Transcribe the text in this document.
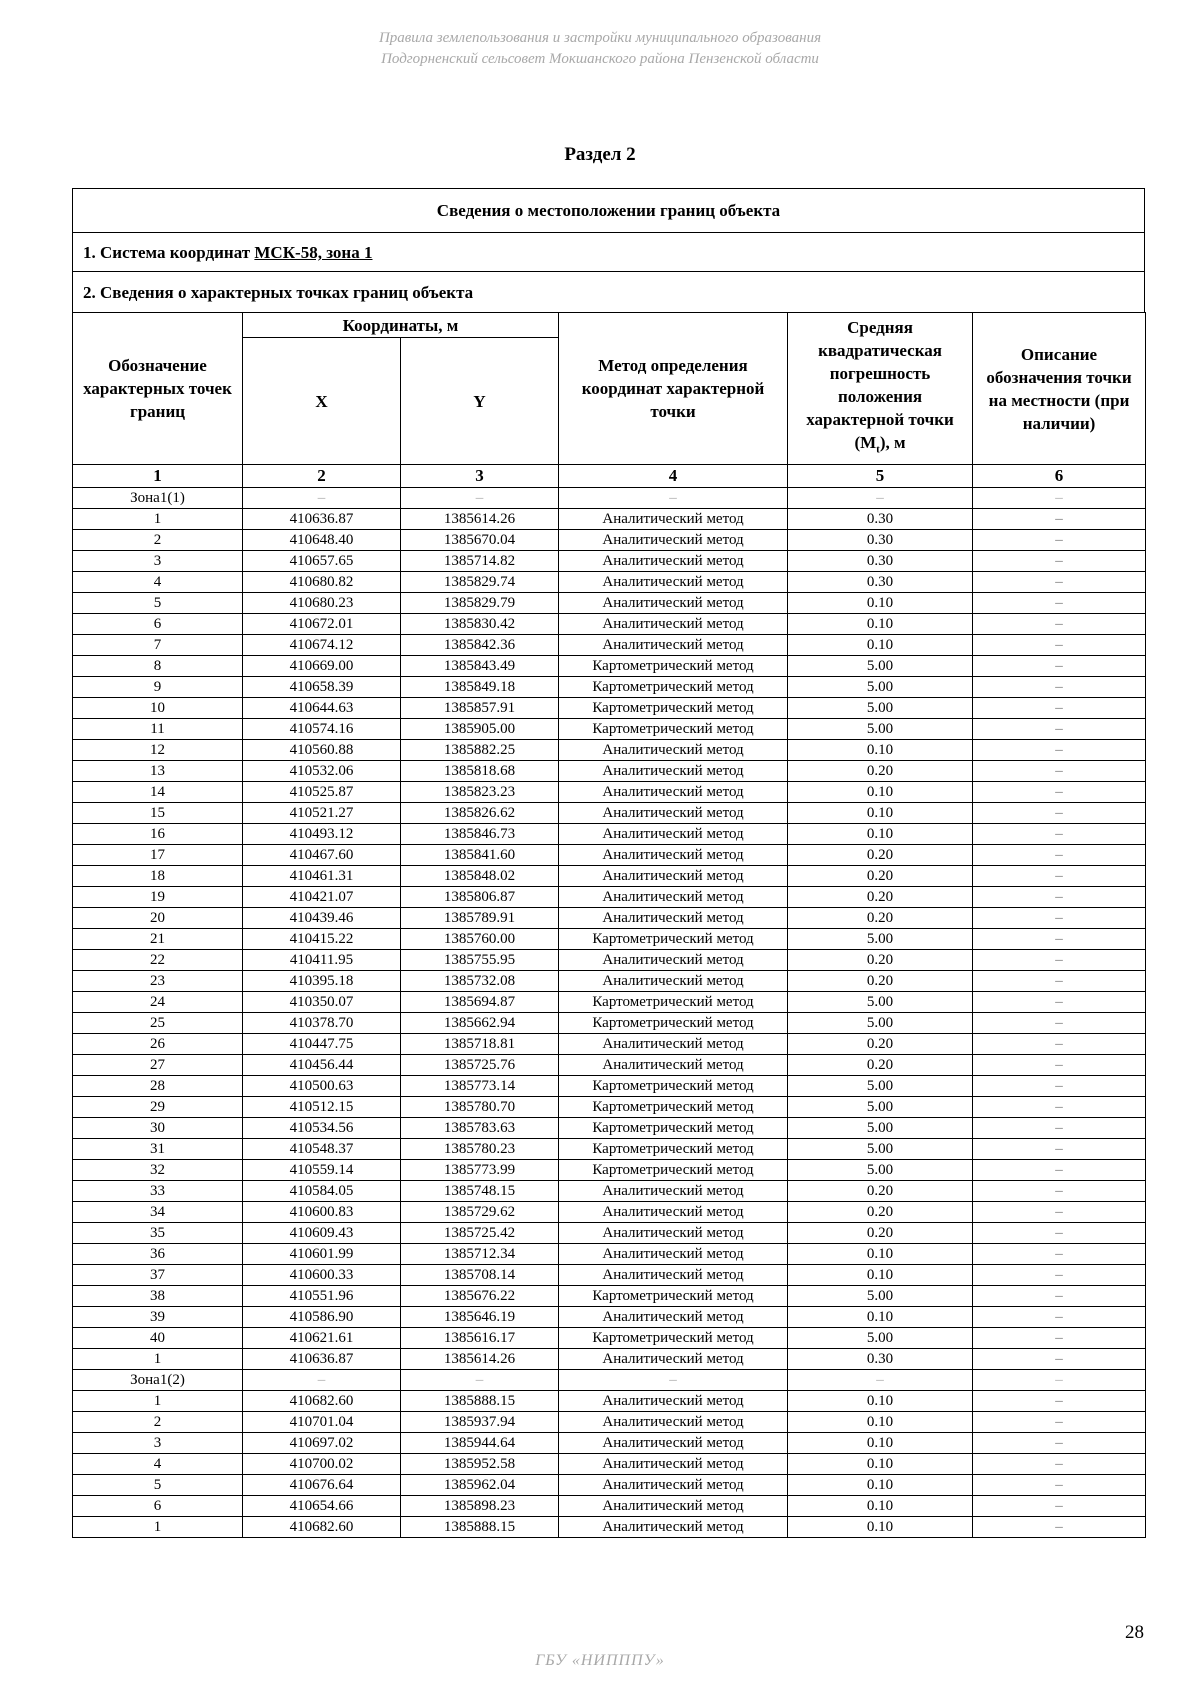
Правила землепользования и застройки муниципального образования
Подгорненский сельсовет Мокшанского района Пензенской области
Раздел 2
Сведения о местоположении границ объекта
1. Система координат МСК-58, зона 1
2. Сведения о характерных точках границ объекта
Обозначение характерных точек границ	Координаты, м		Метод определения координат характерной точки	Средняя квадратическая погрешность положения характерной точки $(M_t)$, м	Описание обозначения точки на местности (при наличии)
	X	Y			
1	2	3	4	5	6
Зона1(1)	–	–	–	–	–
1	410636.87	1385614.26	Аналитический метод	0.30	–
2	410648.40	1385670.04	Аналитический метод	0.30	–
3	410657.65	1385714.82	Аналитический метод	0.30	–
4	410680.82	1385829.74	Аналитический метод	0.30	–
5	410680.23	1385829.79	Аналитический метод	0.10	–
6	410672.01	1385830.42	Аналитический метод	0.10	–
7	410674.12	1385842.36	Аналитический метод	0.10	–
8	410669.00	1385843.49	Картометрический метод	5.00	–
9	410658.39	1385849.18	Картометрический метод	5.00	–
10	410644.63	1385857.91	Картометрический метод	5.00	–
11	410574.16	1385905.00	Картометрический метод	5.00	–
12	410560.88	1385882.25	Аналитический метод	0.10	–
13	410532.06	1385818.68	Аналитический метод	0.20	–
14	410525.87	1385823.23	Аналитический метод	0.10	–
15	410521.27	1385826.62	Аналитический метод	0.10	–
16	410493.12	1385846.73	Аналитический метод	0.10	–
17	410467.60	1385841.60	Аналитический метод	0.20	–
18	410461.31	1385848.02	Аналитический метод	0.20	–
19	410421.07	1385806.87	Аналитический метод	0.20	–
20	410439.46	1385789.91	Аналитический метод	0.20	–
21	410415.22	1385760.00	Картометрический метод	5.00	–
22	410411.95	1385755.95	Аналитический метод	0.20	–
23	410395.18	1385732.08	Аналитический метод	0.20	–
24	410350.07	1385694.87	Картометрический метод	5.00	–
25	410378.70	1385662.94	Картометрический метод	5.00	–
26	410447.75	1385718.81	Аналитический метод	0.20	–
27	410456.44	1385725.76	Аналитический метод	0.20	–
28	410500.63	1385773.14	Картометрический метод	5.00	–
29	410512.15	1385780.70	Картометрический метод	5.00	–
30	410534.56	1385783.63	Картометрический метод	5.00	–
31	410548.37	1385780.23	Картометрический метод	5.00	–
32	410559.14	1385773.99	Картометрический метод	5.00	–
33	410584.05	1385748.15	Аналитический метод	0.20	–
34	410600.83	1385729.62	Аналитический метод	0.20	–
35	410609.43	1385725.42	Аналитический метод	0.20	–
36	410601.99	1385712.34	Аналитический метод	0.10	–
37	410600.33	1385708.14	Аналитический метод	0.10	–
38	410551.96	1385676.22	Картометрический метод	5.00	–
39	410586.90	1385646.19	Аналитический метод	0.10	–
40	410621.61	1385616.17	Картометрический метод	5.00	–
1	410636.87	1385614.26	Аналитический метод	0.30	–
Зона1(2)	–	–	–	–	–
1	410682.60	1385888.15	Аналитический метод	0.10	–
2	410701.04	1385937.94	Аналитический метод	0.10	–
3	410697.02	1385944.64	Аналитический метод	0.10	–
4	410700.02	1385952.58	Аналитический метод	0.10	–
5	410676.64	1385962.04	Аналитический метод	0.10	–
6	410654.66	1385898.23	Аналитический метод	0.10	–
1	410682.60	1385888.15	Аналитический метод	0.10	–
28
ГБУ «НИПППУ»
